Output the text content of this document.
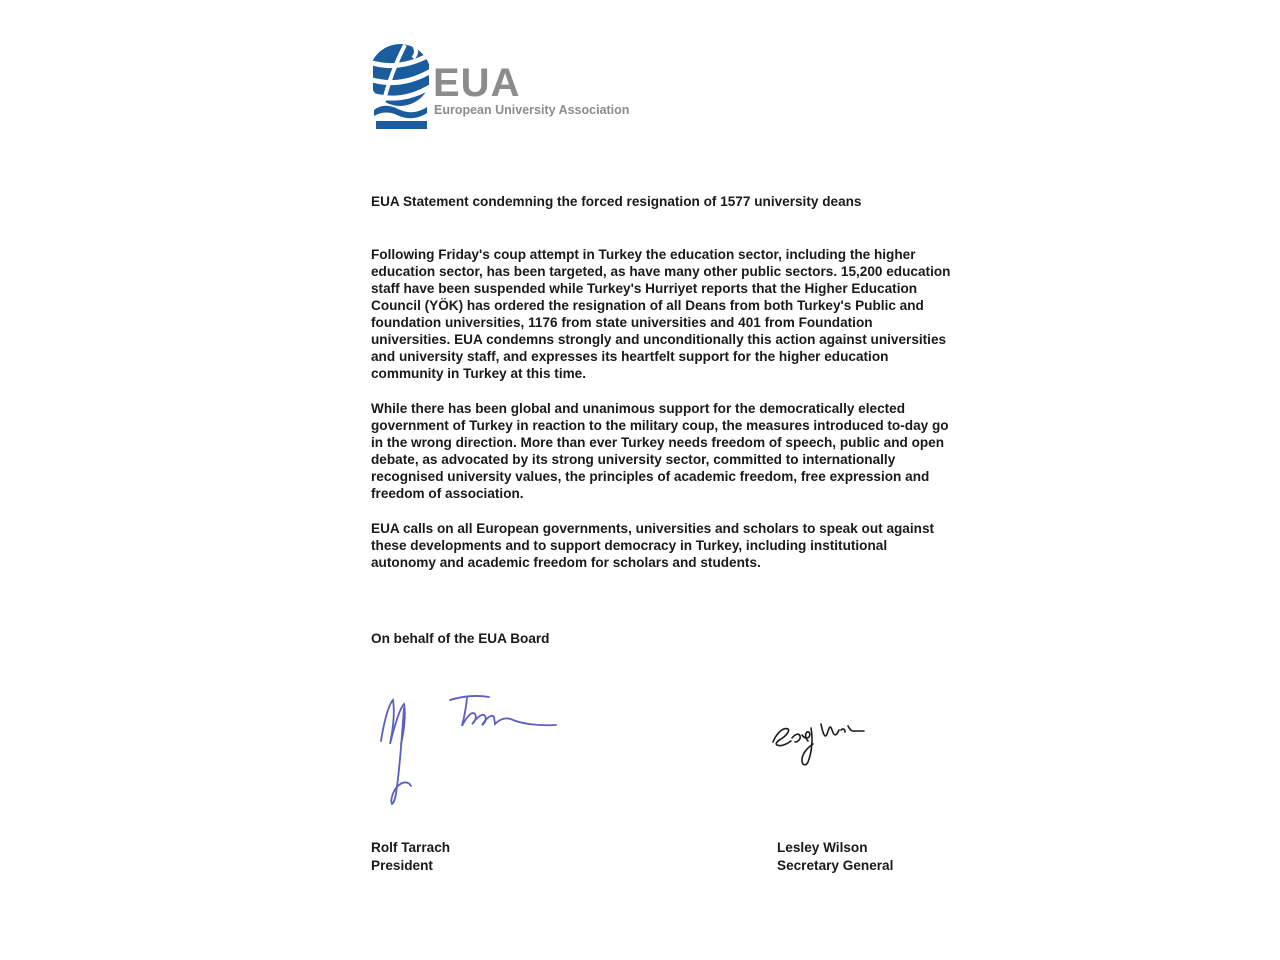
EUA
European University Association

EUA Statement condemning the forced resignation of 1577 university deans

Following Friday's coup attempt in Turkey the education sector, including the higher education sector, has been targeted, as have many other public sectors. 15,200 education staff have been suspended while Turkey's Hurriyet reports that the Higher Education Council (YÖK) has ordered the resignation of all Deans from both Turkey's Public and foundation universities, 1176 from state universities and 401 from Foundation universities. EUA condemns strongly and unconditionally this action against universities and university staff, and expresses its heartfelt support for the higher education community in Turkey at this time.

While there has been global and unanimous support for the democratically elected government of Turkey in reaction to the military coup, the measures introduced to-day go in the wrong direction. More than ever Turkey needs freedom of speech, public and open debate, as advocated by its strong university sector, committed to internationally recognised university values, the principles of academic freedom, free expression and freedom of association.

EUA calls on all European governments, universities and scholars to speak out against these developments and to support democracy in Turkey, including institutional autonomy and academic freedom for scholars and students.

On behalf of the EUA Board

Rolf Tarrach
President
Lesley Wilson
Secretary General
